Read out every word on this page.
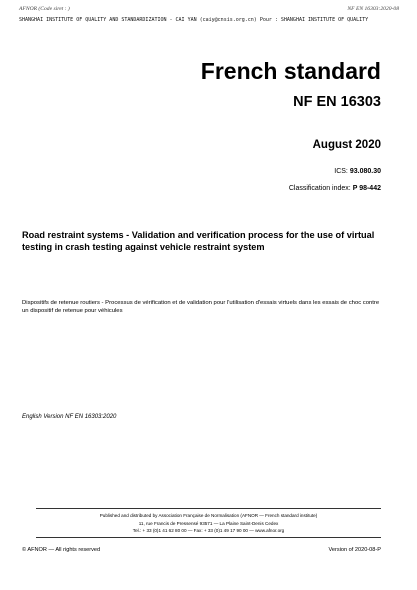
AFNOR (Code siret : )	NF EN 16303:2020-08
SHANGHAI INSTITUTE OF QUALITY AND STANDARDIZATION - CAI YAN (caiy@cnsis.org.cn) Pour : SHANGHAI INSTITUTE OF QUALITY
French standard
NF EN 16303
August 2020
ICS: 93.080.30
Classification index: P 98-442
Road restraint systems - Validation and verification process for the use of virtual testing in crash testing against vehicle restraint system
Dispositifs de retenue routiers - Processus de vérification et de validation pour l'utilisation d'essais virtuels dans les essais de choc contre un dispositif de retenue pour véhicules
English Version NF EN 16303:2020
Published and distributed by Association Française de Normalisation (AFNOR — French standard institute)
11, rue Francis de Pressensé 93571 — La Plaine Saint-Denis Cedex
Tel.: + 33 (0)1 41 62 80 00 — Fax: + 33 (0)1 49 17 90 00 — www.afnor.org
© AFNOR — All rights reserved	Version of 2020-08-P
